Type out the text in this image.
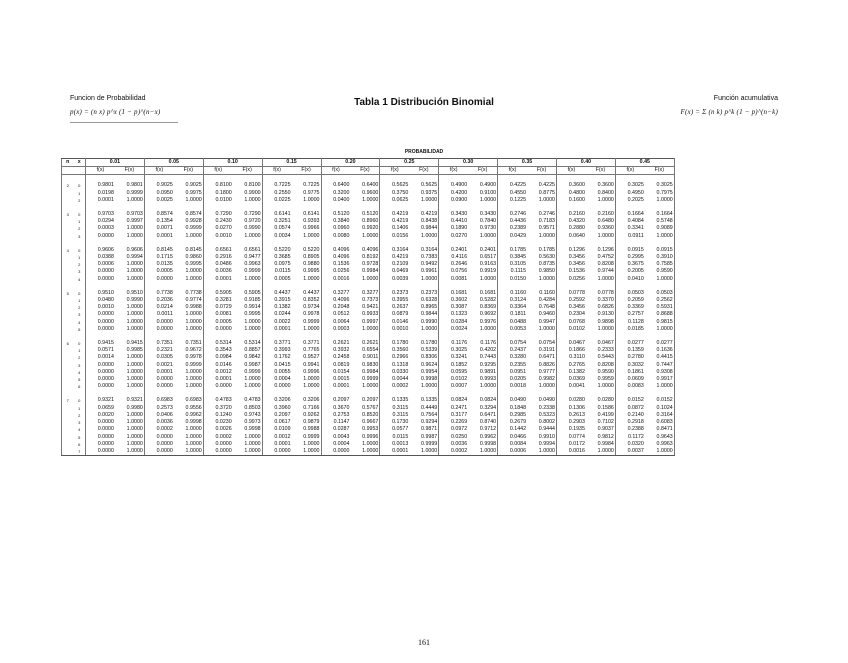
Funcion de Probabilidad
p(x) = (n x) p^x (1 − p)^(n−x)
Tabla 1 Distribución Binomial	Función acumulativa
F(x) = Σ (n k) p^k (1 − p)^(n−k)
PROBABILIDAD
n	x	0.01		0.05		0.10		0.15		0.20		0.25		0.30		0.35		0.40		0.45	
		f(x)	F(x)	f(x)	F(x)	f(x)	F(x)	f(x)	F(x)	f(x)	F(x)	f(x)	F(x)	f(x)	F(x)	f(x)	F(x)	f(x)	F(x)	f(x)	F(x)

2	0	0.9801	0.9801	0.9025	0.9025	0.8100	0.8100	0.7225	0.7225	0.6400	0.6400	0.5625	0.5625	0.4900	0.4900	0.4225	0.4225	0.3600	0.3600	0.3025	0.3025
	1	0.0198	0.9999	0.0950	0.9975	0.1800	0.9900	0.2550	0.9775	0.3200	0.9600	0.3750	0.9375	0.4200	0.9100	0.4550	0.8775	0.4800	0.8400	0.4950	0.7975
	2	0.0001	1.0000	0.0025	1.0000	0.0100	1.0000	0.0225	1.0000	0.0400	1.0000	0.0625	1.0000	0.0900	1.0000	0.1225	1.0000	0.1600	1.0000	0.2025	1.0000

3	0	0.9703	0.9703	0.8574	0.8574	0.7290	0.7290	0.6141	0.6141	0.5120	0.5120	0.4219	0.4219	0.3430	0.3430	0.2746	0.2746	0.2160	0.2160	0.1664	0.1664
	1	0.0294	0.9997	0.1354	0.9928	0.2430	0.9720	0.3251	0.9393	0.3840	0.8960	0.4219	0.8438	0.4410	0.7840	0.4436	0.7183	0.4320	0.6480	0.4084	0.5748
	2	0.0003	1.0000	0.0071	0.9999	0.0270	0.9990	0.0574	0.9966	0.0960	0.9920	0.1406	0.9844	0.1890	0.9730	0.2389	0.9571	0.2880	0.9360	0.3341	0.9089
	3	0.0000	1.0000	0.0001	1.0000	0.0010	1.0000	0.0034	1.0000	0.0080	1.0000	0.0156	1.0000	0.0270	1.0000	0.0429	1.0000	0.0640	1.0000	0.0911	1.0000

4	0	0.9606	0.9606	0.8145	0.8145	0.6561	0.6561	0.5220	0.5220	0.4096	0.4096	0.3164	0.3164	0.2401	0.2401	0.1785	0.1785	0.1296	0.1296	0.0915	0.0915
	1	0.0388	0.9994	0.1715	0.9860	0.2916	0.9477	0.3685	0.8905	0.4096	0.8192	0.4219	0.7383	0.4116	0.6517	0.3845	0.5630	0.3456	0.4752	0.2995	0.3910
	2	0.0006	1.0000	0.0135	0.9995	0.0486	0.9963	0.0975	0.9880	0.1536	0.9728	0.2109	0.9492	0.2646	0.9163	0.3105	0.8735	0.3456	0.8208	0.3675	0.7585
	3	0.0000	1.0000	0.0005	1.0000	0.0036	0.9999	0.0115	0.9995	0.0256	0.9984	0.0469	0.9961	0.0756	0.9919	0.1115	0.9850	0.1536	0.9744	0.2005	0.9590
	4	0.0000	1.0000	0.0000	1.0000	0.0001	1.0000	0.0005	1.0000	0.0016	1.0000	0.0039	1.0000	0.0081	1.0000	0.0150	1.0000	0.0256	1.0000	0.0410	1.0000

5	0	0.9510	0.9510	0.7738	0.7738	0.5905	0.5905	0.4437	0.4437	0.3277	0.3277	0.2373	0.2373	0.1681	0.1681	0.1160	0.1160	0.0778	0.0778	0.0503	0.0503
	1	0.0480	0.9990	0.2036	0.9774	0.3281	0.9185	0.3915	0.8352	0.4096	0.7373	0.3955	0.6328	0.3602	0.5282	0.3124	0.4284	0.2592	0.3370	0.2059	0.2562
	2	0.0010	1.0000	0.0214	0.9988	0.0729	0.9914	0.1382	0.9734	0.2048	0.9421	0.2637	0.8965	0.3087	0.8369	0.3364	0.7648	0.3456	0.6826	0.3369	0.5931
	3	0.0000	1.0000	0.0011	1.0000	0.0081	0.9995	0.0244	0.9978	0.0512	0.9933	0.0879	0.9844	0.1323	0.9692	0.1811	0.9460	0.2304	0.9130	0.2757	0.8688
	4	0.0000	1.0000	0.0000	1.0000	0.0005	1.0000	0.0022	0.9999	0.0064	0.9997	0.0146	0.9990	0.0284	0.9976	0.0488	0.9947	0.0768	0.9898	0.1128	0.9815
	5	0.0000	1.0000	0.0000	1.0000	0.0000	1.0000	0.0001	1.0000	0.0003	1.0000	0.0010	1.0000	0.0024	1.0000	0.0053	1.0000	0.0102	1.0000	0.0185	1.0000

6	0	0.9415	0.9415	0.7351	0.7351	0.5314	0.5314	0.3771	0.3771	0.2621	0.2621	0.1780	0.1780	0.1176	0.1176	0.0754	0.0754	0.0467	0.0467	0.0277	0.0277
	1	0.0571	0.9985	0.2321	0.9672	0.3543	0.8857	0.3993	0.7765	0.3932	0.6554	0.3560	0.5339	0.3025	0.4202	0.2437	0.3191	0.1866	0.2333	0.1359	0.1636
	2	0.0014	1.0000	0.0305	0.9978	0.0984	0.9842	0.1762	0.9527	0.2458	0.9011	0.2966	0.8306	0.3241	0.7443	0.3280	0.6471	0.3110	0.5443	0.2780	0.4415
	3	0.0000	1.0000	0.0021	0.9999	0.0146	0.9987	0.0415	0.9941	0.0819	0.9830	0.1318	0.9624	0.1852	0.9295	0.2355	0.8826	0.2765	0.8208	0.3032	0.7447
	4	0.0000	1.0000	0.0001	1.0000	0.0012	0.9999	0.0055	0.9996	0.0154	0.9984	0.0330	0.9954	0.0595	0.9891	0.0951	0.9777	0.1382	0.9590	0.1861	0.9308
	5	0.0000	1.0000	0.0000	1.0000	0.0001	1.0000	0.0004	1.0000	0.0015	0.9999	0.0044	0.9998	0.0102	0.9993	0.0205	0.9982	0.0369	0.9959	0.0609	0.9917
	6	0.0000	1.0000	0.0000	1.0000	0.0000	1.0000	0.0000	1.0000	0.0001	1.0000	0.0002	1.0000	0.0007	1.0000	0.0018	1.0000	0.0041	1.0000	0.0083	1.0000

7	0	0.9321	0.9321	0.6983	0.6983	0.4783	0.4783	0.3206	0.3206	0.2097	0.2097	0.1335	0.1335	0.0824	0.0824	0.0490	0.0490	0.0280	0.0280	0.0152	0.0152
	1	0.0659	0.9980	0.2573	0.9556	0.3720	0.8503	0.3960	0.7166	0.3670	0.5767	0.3115	0.4449	0.2471	0.3294	0.1848	0.2338	0.1306	0.1586	0.0872	0.1024
	2	0.0020	1.0000	0.0406	0.9962	0.1240	0.9743	0.2097	0.9262	0.2753	0.8520	0.3115	0.7564	0.3177	0.6471	0.2985	0.5323	0.2613	0.4199	0.2140	0.3164
	3	0.0000	1.0000	0.0036	0.9998	0.0230	0.9973	0.0617	0.9879	0.1147	0.9667	0.1730	0.9294	0.2269	0.8740	0.2679	0.8002	0.2903	0.7102	0.2918	0.6083
	4	0.0000	1.0000	0.0002	1.0000	0.0026	0.9998	0.0109	0.9988	0.0287	0.9953	0.0577	0.9871	0.0972	0.9712	0.1442	0.9444	0.1935	0.9037	0.2388	0.8471
	5	0.0000	1.0000	0.0000	1.0000	0.0002	1.0000	0.0012	0.9999	0.0043	0.9996	0.0115	0.9987	0.0250	0.9962	0.0466	0.9910	0.0774	0.9812	0.1172	0.9643
	6	0.0000	1.0000	0.0000	1.0000	0.0000	1.0000	0.0001	1.0000	0.0004	1.0000	0.0013	0.9999	0.0036	0.9998	0.0084	0.9994	0.0172	0.9984	0.0320	0.9963
	7	0.0000	1.0000	0.0000	1.0000	0.0000	1.0000	0.0000	1.0000	0.0000	1.0000	0.0001	1.0000	0.0002	1.0000	0.0006	1.0000	0.0016	1.0000	0.0037	1.0000
161
